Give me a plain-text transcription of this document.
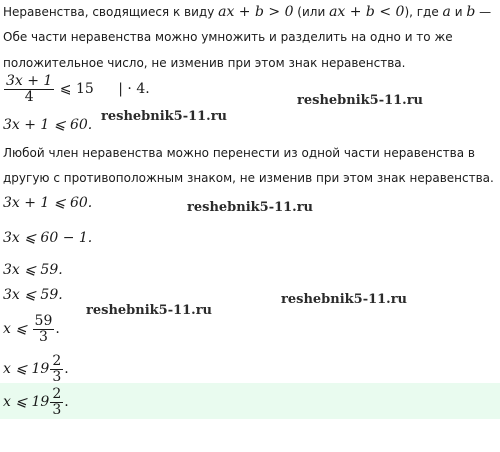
Неравенства, сводящиеся к виду ax + b > 0 (или ax + b < 0), где a и b —
Обе части неравенства можно умножить и разделить на одно и то же
положительное число, не изменив при этом знак неравенства.
$\frac{3x + 1}{4}$ ⩽ 15 | · 4.
3x + 1 ⩽ 60.
Любой член неравенства можно перенести из одной части неравенства в
другую с противоположным знаком, не изменив при этом знак неравенства.
3x + 1 ⩽ 60.
3x ⩽ 60 − 1.
3x ⩽ 59.
3x ⩽ 59.
x ⩽ $\frac{59}{3}$ .
x ⩽ $19 \frac{2}{3}$ .
x ⩽ $19 \frac{2}{3}$ .
reshebnik5-11.ru
reshebnik5-11.ru
reshebnik5-11.ru
reshebnik5-11.ru
reshebnik5-11.ru
